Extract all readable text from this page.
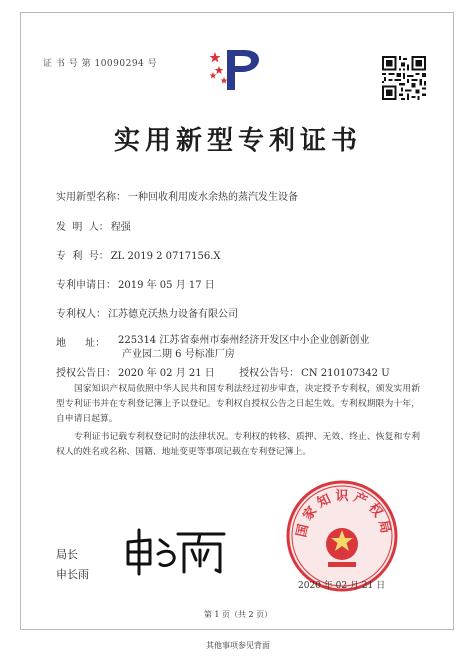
证 书 号 第 10090294 号
实用新型专利证书
实用新型名称： 一种回收利用废水余热的蒸汽发生设备
发  明  人： 程强
专  利  号： ZL 2019 2 0717156.X
专利申请日： 2019 年 05 月 17 日
专利权人： 江苏德克沃热力设备有限公司
地      址： 225314 江苏省泰州市泰州经济开发区中小企业创新创业
产业园二期 6 号标准厂房
授权公告日： 2020 年 02 月 21 日 授权公告号： CN 210107342 U
国家知识产权局依照中华人民共和国专利法经过初步审查，决定授予专利权，颁发实用新型专利证书并在专利登记簿上予以登记。专利权自授权公告之日起生效。专利权期限为十年，自申请日起算。
专利证书记载专利权登记时的法律状况。专利权的转移、质押、无效、终止、恢复和专利权人的姓名或名称、国籍、地址变更等事项记载在专利登记簿上。
局长
申长雨
国家知识产权局
2020 年 02 月 21 日
第 1 页（共 2 页）
其他事项参见背面
